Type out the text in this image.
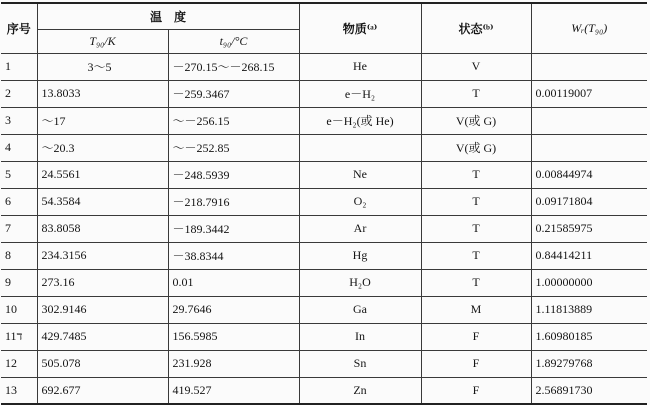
序号	温　度		物质⁽ᵃ⁾	状态⁽ᵇ⁾	Wᵣ(T₉₀)
	T₉₀/K	t₉₀/°C			
1	3～5	－270.15～－268.15	He	V	
2	13.8033	－259.3467	e－H₂	T	0.00119007
3	～17	～－256.15	e－H₂(或 He)	V(或 G)	
4	～20.3	～－252.85		V(或 G)	
5	24.5561	－248.5939	Ne	T	0.00844974
6	54.3584	－218.7916	O₂	T	0.09171804
7	83.8058	－189.3442	Ar	T	0.21585975
8	234.3156	－38.8344	Hg	T	0.84414211
9	273.16	0.01	H₂O	T	1.00000000
10	302.9146	29.7646	Ga	M	1.11813889
ד11	429.7485	156.5985	In	F	1.60980185
12	505.078	231.928	Sn	F	1.89279768
13	692.677	419.527	Zn	F	2.56891730
